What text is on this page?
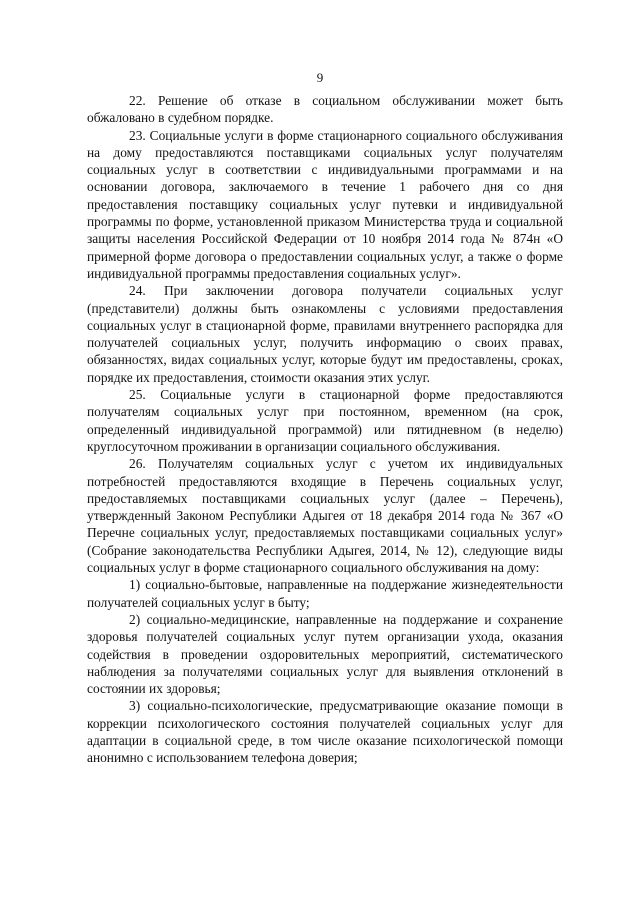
9

22. Решение об отказе в социальном обслуживании может быть обжаловано в судебном порядке.

23. Социальные услуги в форме стационарного социального обслуживания на дому предоставляются поставщиками социальных услуг получателям социальных услуг в соответствии с индивидуальными программами и на основании договора, заключаемого в течение 1 рабочего дня со дня предоставления поставщику социальных услуг путевки и индивидуальной программы по форме, установленной приказом Министерства труда и социальной защиты населения Российской Федерации от 10 ноября 2014 года № 874н «О примерной форме договора о предоставлении социальных услуг, а также о форме индивидуальной программы предоставления социальных услуг».

24. При заключении договора получатели социальных услуг (представители) должны быть ознакомлены с условиями предоставления социальных услуг в стационарной форме, правилами внутреннего распорядка для получателей социальных услуг, получить информацию о своих правах, обязанностях, видах социальных услуг, которые будут им предоставлены, сроках, порядке их предоставления, стоимости оказания этих услуг.

25. Социальные услуги в стационарной форме предоставляются получателям социальных услуг при постоянном, временном (на срок, определенный индивидуальной программой) или пятидневном (в неделю) круглосуточном проживании в организации социального обслуживания.

26. Получателям социальных услуг с учетом их индивидуальных потребностей предоставляются входящие в Перечень социальных услуг, предоставляемых поставщиками социальных услуг (далее – Перечень), утвержденный Законом Республики Адыгея от 18 декабря 2014 года № 367 «О Перечне социальных услуг, предоставляемых поставщиками социальных услуг» (Собрание законодательства Республики Адыгея, 2014, № 12), следующие виды социальных услуг в форме стационарного социального обслуживания на дому:

1) социально-бытовые, направленные на поддержание жизнедеятельности получателей социальных услуг в быту;

2) социально-медицинские, направленные на поддержание и сохранение здоровья получателей социальных услуг путем организации ухода, оказания содействия в проведении оздоровительных мероприятий, систематического наблюдения за получателями социальных услуг для выявления отклонений в состоянии их здоровья;

3) социально-психологические, предусматривающие оказание помощи в коррекции психологического состояния получателей социальных услуг для адаптации в социальной среде, в том числе оказание психологической помощи анонимно с использованием телефона доверия;
